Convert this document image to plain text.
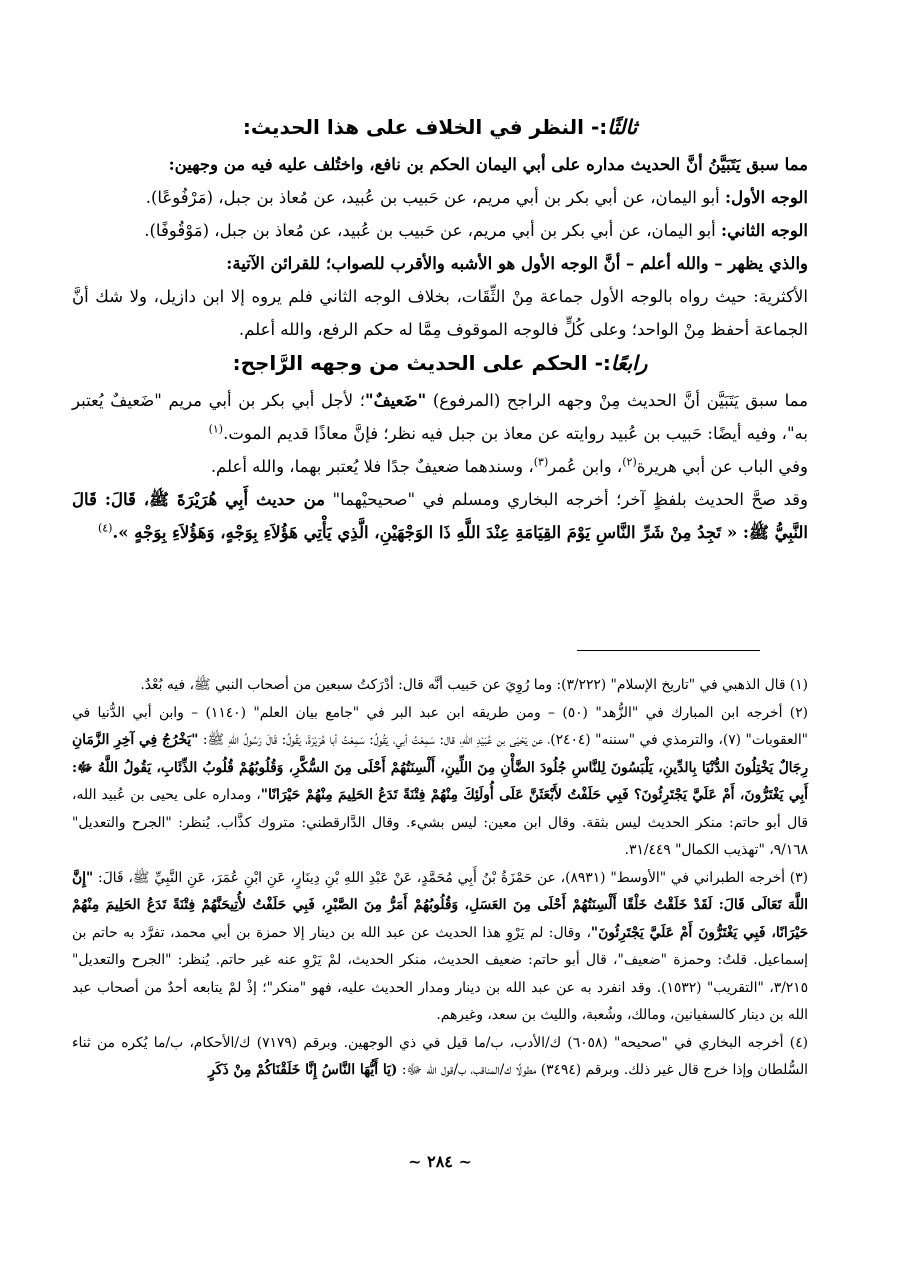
ثالثًا:- النظر في الخلاف على هذا الحديث:

مما سبق يَتَبَيَّنُ أنَّ الحديث مداره على أبي اليمان الحكم بن نافع، واختُلف عليه فيه من وجهين:

الوجه الأول: أبو اليمان، عن أبي بكر بن أبي مريم، عن حَبيب بن عُبيد، عن مُعاذ بن جبل، (مَرْفُوعًا).

الوجه الثاني: أبو اليمان، عن أبي بكر بن أبي مريم، عن حَبيب بن عُبيد، عن مُعاذ بن جبل، (مَوْقُوفًا).

والذي يظهر – والله أعلم – أنَّ الوجه الأول هو الأشبه والأقرب للصواب؛ للقرائن الآتية:

الأكثرية: حيث رواه بالوجه الأول جماعة مِنْ الثِّقَات، بخلاف الوجه الثاني فلم يروه إلا ابن دازيل، ولا شك أنَّ الجماعة أحفظ مِنْ الواحد؛ وعلى كُلٍّ فالوجه الموقوف مِمَّا له حكم الرفع، والله أعلم.

رابعًا:- الحكم على الحديث من وجهه الرَّاجح:

مما سبق يَتَبَيَّن أنَّ الحديث مِنْ وجهه الراجح (المرفوع) "ضَعيفٌ"؛ لأجل أبي بكر بن أبي مريم "ضَعيفٌ يُعتبر به"، وفيه أيضًا: حَبيب بن عُبيد روايته عن معاذ بن جبل فيه نظر؛ فإنَّ معاذًا قديم الموت.$^{(١)}$

وفي الباب عن أبي هريرة$^{(٢)}$، وابن عُمر$^{(٣)}$، وسندهما ضعيفٌ جدًا فلا يُعتبر بهما، والله أعلم.

وقد صحَّ الحديث بلفظٍ آخر؛ أخرجه البخاري ومسلم في "صحيحيْهما" من حديث أَبِي هُرَيْرَةَ ﷺ، قَالَ: قَالَ النَّبِيُّ ﷺ: « تَجِدُ مِنْ شَرِّ النَّاسِ يَوْمَ القِيَامَةِ عِنْدَ اللَّهِ ذَا الوَجْهَيْنِ، الَّذِي يَأْتِي هَؤُلاَءِ بِوَجْهٍ، وَهَؤُلاَءِ بِوَجْهٍ ».$^{(٤)}$

(١) قال الذهبي في "تاريخ الإسلام" (٣/٢٢٢): وما رُوِيَ عن حَبيب أنَّه قال: أدْرَكتُ سبعين من أصحاب النبي ﷺ، فيه بُعْدٌ.

(٢) أخرجه ابن المبارك في "الزُّهد" (٥٠) – ومن طريقه ابن عبد البر في "جامع بيان العلم" (١١٤٠) – وابن أبي الدُّنيا في "العقوبات" (٧)، والترمذي في "سننه" (٢٤٠٤)، عن يَحْيَى بن عُبَيْدِ اللهِ، قال: سَمِعْتُ أبي، يَقُولُ: سَمِعْتُ أبا هُرَيْرَةَ، يَقُولُ: قَالَ رَسُولُ اللهِ ﷺ: "يَخْرُجُ فِي آخِرِ الزَّمَانِ رِجَالٌ يَخْتِلُونَ الدُّنْيَا بِالدِّينِ، يَلْبَسُونَ لِلنَّاسِ جُلُودَ الضَّأْنِ مِنَ اللِّينِ، أَلْسِنَتُهُمْ أَحْلَى مِنَ السُّكَّرِ، وَقُلُوبُهُمْ قُلُوبُ الذِّئَابِ، يَقُولُ اللَّهُ ﷻ: أَبِي يَغْتَرُّونَ، أَمْ عَلَيَّ يَجْتَرِئُونَ؟ فَبِي حَلَفْتُ لأَبْعَثَنَّ عَلَى أُولَئِكَ مِنْهُمْ فِتْنَةً تَدَعُ الحَلِيمَ مِنْهُمْ حَيْرَانًا"، ومداره على يحيى بن عُبيد الله، قال أبو حاتم: منكر الحديث ليس بثقة. وقال ابن معين: ليس بشيء. وقال الدَّارقطني: متروك كذَّاب. يُنظر: "الجرح والتعديل" ٩/١٦٨، "تهذيب الكمال" ٣١/٤٤٩.

(٣) أخرجه الطبراني في "الأوسط" (٨٩٣١)، عن حَمْزَةُ بْنُ أَبِي مُحَمَّدٍ، عَنْ عَبْدِ اللهِ بْنِ دِينَارٍ، عَنِ ابْنِ عُمَرَ، عَنِ النَّبِيِّ ﷺ، قَالَ: "إِنَّ اللَّهَ تَعَالَى قَالَ: لَقَدْ خَلَقْتُ خَلْقًا أَلْسِنَتُهُمْ أَحْلَى مِنَ العَسَلِ، وَقُلُوبُهُمْ أَمَرُّ مِنَ الصَّبْرِ، فَبِي حَلَفْتُ لأُتِيحَنَّهُمْ فِتْنَةً تَدَعُ الحَلِيمَ مِنْهُمْ حَيْرَانًا، فَبِي يَغْتَرُّونَ أَمْ عَلَيَّ يَجْتَرِئُونَ"، وقال: لم يَرْوِ هذا الحديث عن عبد الله بن دينار إلا حمزة بن أبي محمد، تفرَّد به حاتم بن إسماعيل. قلتُ: وحمزة "ضعيف"، قال أبو حاتم: ضعيف الحديث، منكر الحديث، لمْ يَرْوِ عنه غير حاتم. يُنظر: "الجرح والتعديل" ٣/٢١٥، "التقريب" (١٥٣٢). وقد انفرد به عن عبد الله بن دينار ومدار الحديث عليه، فهو "منكر"؛ إذْ لمْ يتابعه أحدٌ من أصحاب عبد الله بن دينار كالسفيانين، ومالك، وشُعبة، والليث بن سعد، وغيرهم.

(٤) أخرجه البخاري في "صحيحه" (٦٠٥٨) ك/الأدب، ب/ما قيل في ذي الوجهين. وبرقم (٧١٧٩) ك/الأحكام، ب/ما يُكره من ثناء السُّلطان وإذا خرج قال غير ذلك. وبرقم (٣٤٩٤) مطولًا ك/المناقب، ب/قول الله ﷻ: (يَا أَيُّهَا النَّاسُ إِنَّا خَلَقْنَاكُمْ مِنْ ذَكَرٍ

~ ٢٨٤ ~
